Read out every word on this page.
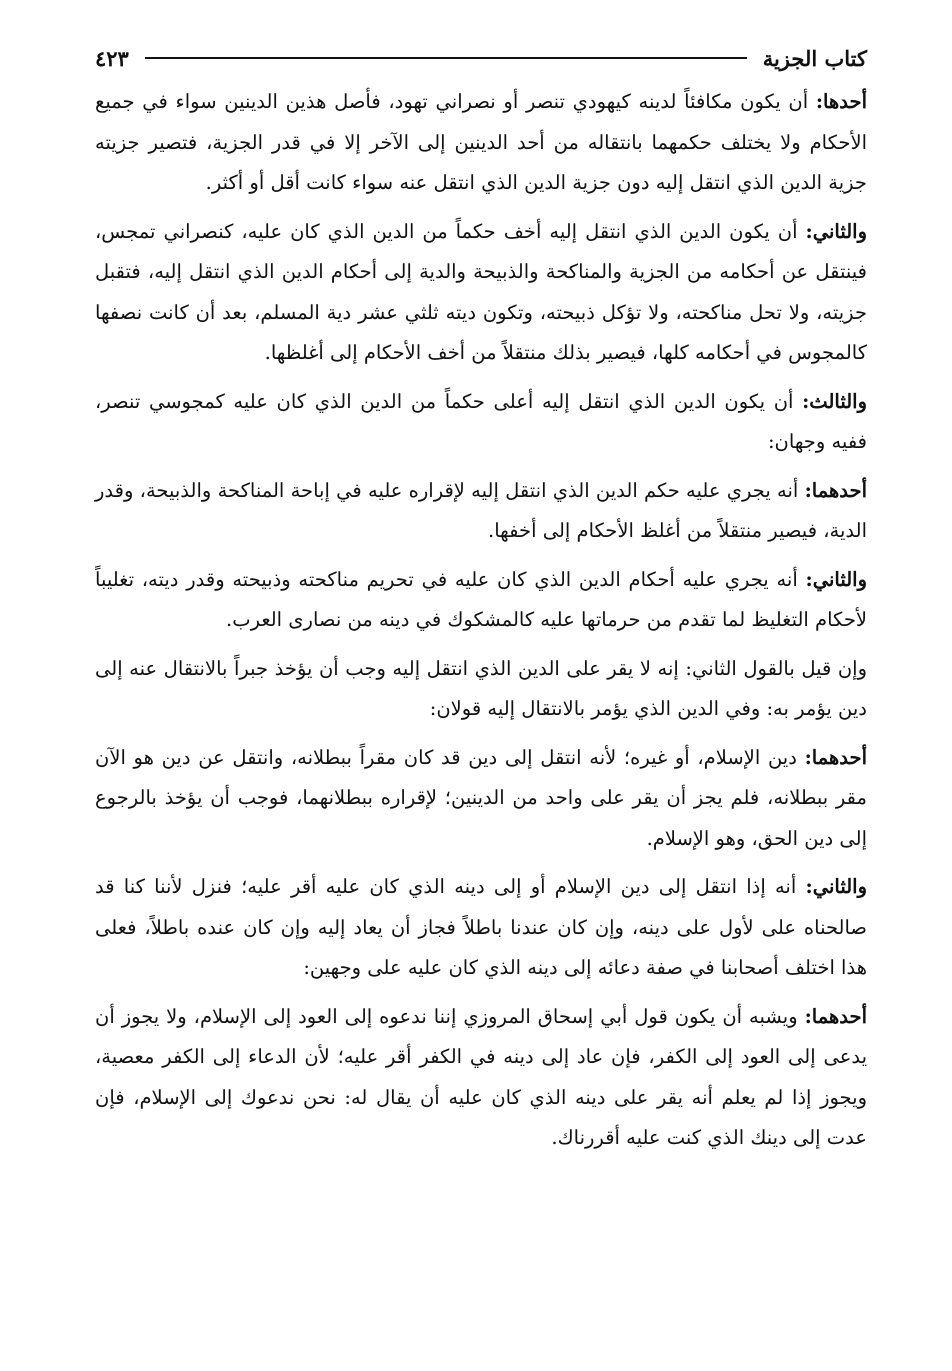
كتاب الجزية
٤٢٣

أحدها: أن يكون مكافئاً لدينه كيهودي تنصر أو نصراني تهود، فأصل هذين الدينين سواء في جميع الأحكام ولا يختلف حكمهما بانتقاله من أحد الدينين إلى الآخر إلا في قدر الجزية، فتصير جزيته جزية الدين الذي انتقل إليه دون جزية الدين الذي انتقل عنه سواء كانت أقل أو أكثر.

والثاني: أن يكون الدين الذي انتقل إليه أخف حكماً من الدين الذي كان عليه، كنصراني تمجس، فينتقل عن أحكامه من الجزية والمناكحة والذبيحة والدية إلى أحكام الدين الذي انتقل إليه، فتقبل جزيته، ولا تحل مناكحته، ولا تؤكل ذبيحته، وتكون ديته ثلثي عشر دية المسلم، بعد أن كانت نصفها كالمجوس في أحكامه كلها، فيصير بذلك منتقلاً من أخف الأحكام إلى أغلظها.

والثالث: أن يكون الدين الذي انتقل إليه أعلى حكماً من الدين الذي كان عليه كمجوسي تنصر، ففيه وجهان:

أحدهما: أنه يجري عليه حكم الدين الذي انتقل إليه لإقراره عليه في إباحة المناكحة والذبيحة، وقدر الدية، فيصير منتقلاً من أغلظ الأحكام إلى أخفها.

والثاني: أنه يجري عليه أحكام الدين الذي كان عليه في تحريم مناكحته وذبيحته وقدر ديته، تغليباً لأحكام التغليظ لما تقدم من حرماتها عليه كالمشكوك في دينه من نصارى العرب.

وإن قيل بالقول الثاني: إنه لا يقر على الدين الذي انتقل إليه وجب أن يؤخذ جبراً بالانتقال عنه إلى دين يؤمر به: وفي الدين الذي يؤمر بالانتقال إليه قولان:

أحدهما: دين الإسلام، أو غيره؛ لأنه انتقل إلى دين قد كان مقراً ببطلانه، وانتقل عن دين هو الآن مقر ببطلانه، فلم يجز أن يقر على واحد من الدينين؛ لإقراره ببطلانهما، فوجب أن يؤخذ بالرجوع إلى دين الحق، وهو الإسلام.

والثاني: أنه إذا انتقل إلى دين الإسلام أو إلى دينه الذي كان عليه أقر عليه؛ فنزل لأننا كنا قد صالحناه على لأول على دينه، وإن كان عندنا باطلاً فجاز أن يعاد إليه وإن كان عنده باطلاً، فعلى هذا اختلف أصحابنا في صفة دعائه إلى دينه الذي كان عليه على وجهين:

أحدهما: ويشبه أن يكون قول أبي إسحاق المروزي إننا ندعوه إلى العود إلى الإسلام، ولا يجوز أن يدعى إلى العود إلى الكفر، فإن عاد إلى دينه في الكفر أقر عليه؛ لأن الدعاء إلى الكفر معصية، ويجوز إذا لم يعلم أنه يقر على دينه الذي كان عليه أن يقال له: نحن ندعوك إلى الإسلام، فإن عدت إلى دينك الذي كنت عليه أقررناك.
